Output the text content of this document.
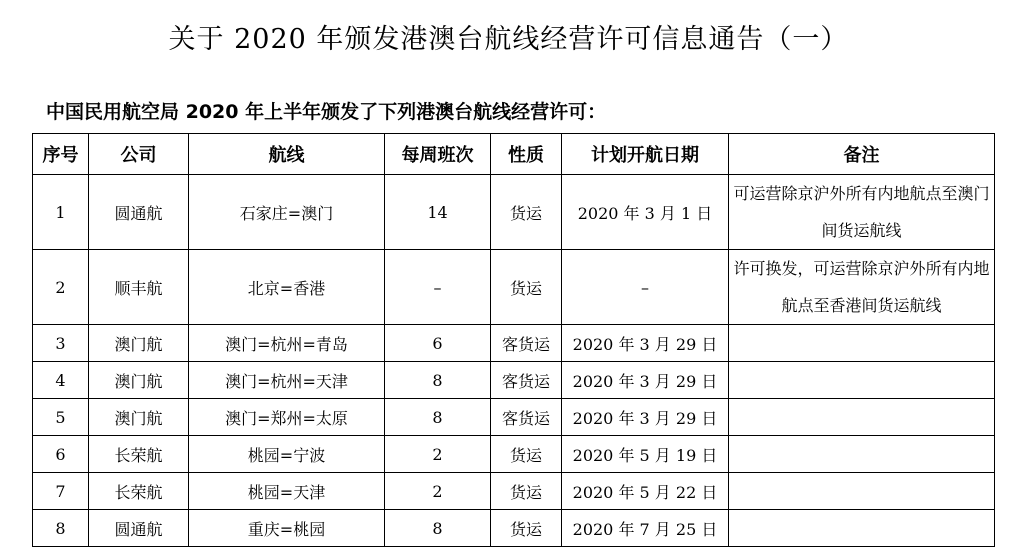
关于 2020 年颁发港澳台航线经营许可信息通告（一）
中国民用航空局 2020 年上半年颁发了下列港澳台航线经营许可：
序号	公司	航线	每周班次	性质	计划开航日期	备注
1	圆通航	石家庄=澳门	14	货运	2020 年 3 月 1 日	可运营除京沪外所有内地航点至澳门间货运航线
2	顺丰航	北京=香港	–	货运	–	许可换发，可运营除京沪外所有内地航点至香港间货运航线
3	澳门航	澳门=杭州=青岛	6	客货运	2020 年 3 月 29 日	
4	澳门航	澳门=杭州=天津	8	客货运	2020 年 3 月 29 日	
5	澳门航	澳门=郑州=太原	8	客货运	2020 年 3 月 29 日	
6	长荣航	桃园=宁波	2	货运	2020 年 5 月 19 日	
7	长荣航	桃园=天津	2	货运	2020 年 5 月 22 日	
8	圆通航	重庆=桃园	8	货运	2020 年 7 月 25 日	
